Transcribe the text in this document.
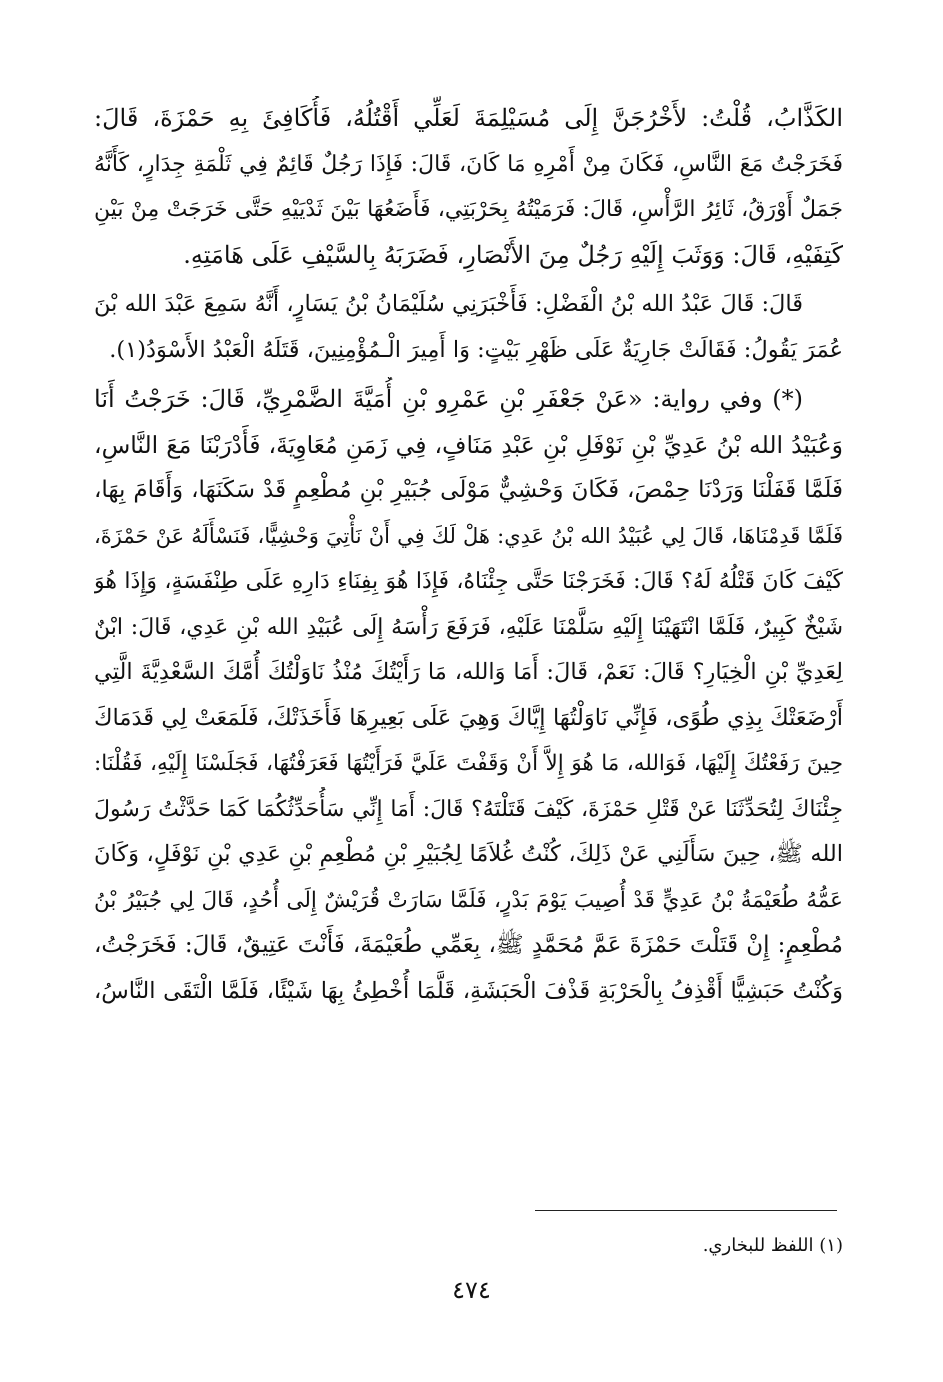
الكَذَّابُ، قُلْتُ: لأَخْرُجَنَّ إِلَى مُسَيْلِمَةَ لَعَلِّي أَقْتُلُهُ، فَأُكَافِئَ بِهِ حَمْزَةَ، قَالَ:
فَخَرَجْتُ مَعَ النَّاسِ، فَكَانَ مِنْ أَمْرِهِ مَا كَانَ، قَالَ: فَإِذَا رَجُلٌ قَائِمٌ فِي ثَلْمَةِ جِدَارٍ، كَأَنَّهُ
جَمَلٌ أَوْرَقُ، ثَائِرُ الرَّأْسِ، قَالَ: فَرَمَيْتُهُ بِحَرْبَتِي، فَأَضَعُهَا بَيْنَ ثَدْيَيْهِ حَتَّى خَرَجَتْ مِنْ بَيْنِ
كَتِفَيْهِ، قَالَ: وَوَثَبَ إِلَيْهِ رَجُلٌ مِنَ الأَنْصَارِ، فَضَرَبَهُ بِالسَّيْفِ عَلَى هَامَتِهِ.
قَالَ: قَالَ عَبْدُ الله بْنُ الْفَضْلِ: فَأَخْبَرَنِي سُلَيْمَانُ بْنُ يَسَارٍ، أَنَّهُ سَمِعَ عَبْدَ الله بْنَ
عُمَرَ يَقُولُ: فَقَالَتْ جَارِيَةٌ عَلَى ظَهْرِ بَيْتٍ: وَا أَمِيرَ الْـمُؤْمِنِينَ، قَتَلَهُ الْعَبْدُ الأَسْوَدُ(١).
(*) وفي رواية: «عَنْ جَعْفَرِ بْنِ عَمْرِو بْنِ أُمَيَّةَ الضَّمْرِيِّ، قَالَ: خَرَجْتُ أَنَا
وَعُبَيْدُ الله بْنُ عَدِيِّ بْنِ نَوْفَلِ بْنِ عَبْدِ مَنَافٍ، فِي زَمَنِ مُعَاوِيَةَ، فَأَدْرَبْنَا مَعَ النَّاسِ،
فَلَمَّا قَفَلْنَا وَرَدْنَا حِمْصَ، فَكَانَ وَحْشِيٌّ مَوْلَى جُبَيْرِ بْنِ مُطْعِمٍ قَدْ سَكَنَهَا، وَأَقَامَ بِهَا،
فَلَمَّا قَدِمْنَاهَا، قَالَ لِي عُبَيْدُ الله بْنُ عَدِي: هَلْ لَكَ فِي أَنْ نَأْتِيَ وَحْشِيًّا، فَنَسْأَلَهُ عَنْ حَمْزَةَ،
كَيْفَ كَانَ قَتْلُهُ لَهُ؟ قَالَ: فَخَرَجْنَا حَتَّى جِئْنَاهُ، فَإِذَا هُوَ بِفِنَاءِ دَارِهِ عَلَى طِنْفَسَةٍ، وَإِذَا هُوَ
شَيْخٌ كَبِيرٌ، فَلَمَّا انْتَهَيْنَا إِلَيْهِ سَلَّمْنَا عَلَيْهِ، فَرَفَعَ رَأْسَهُ إِلَى عُبَيْدِ الله بْنِ عَدِي، قَالَ: ابْنٌ
لِعَدِيِّ بْنِ الْخِيَارِ؟ قَالَ: نَعَمْ، قَالَ: أَمَا وَالله، مَا رَأَيْتُكَ مُنْذُ نَاوَلْتُكَ أُمَّكَ السَّعْدِيَّةَ الَّتِي
أَرْضَعَتْكَ بِذِي طُوًى، فَإِنِّي نَاوَلْتُهَا إِيَّاكَ وَهِيَ عَلَى بَعِيرِهَا فَأَخَذَتْكَ، فَلَمَعَتْ لِي قَدَمَاكَ
حِينَ رَفَعْتُكَ إِلَيْهَا، فَوَالله، مَا هُوَ إِلاَّ أَنْ وَقَفْتَ عَلَيَّ فَرَأَيْتُهَا فَعَرَفْتُهَا، فَجَلَسْنَا إِلَيْهِ، فَقُلْنَا:
جِئْنَاكَ لِتُحَدِّثَنَا عَنْ قَتْلِ حَمْزَةَ، كَيْفَ قَتَلْتَهُ؟ قَالَ: أَمَا إِنِّي سَأُحَدِّثُكُمَا كَمَا حَدَّثْتُ رَسُولَ
الله ﷺ، حِينَ سَأَلَنِي عَنْ ذَلِكَ، كُنْتُ غُلاَمًا لِجُبَيْرِ بْنِ مُطْعِمِ بْنِ عَدِي بْنِ نَوْفَلٍ، وَكَانَ
عَمُّهُ طُعَيْمَةُ بْنُ عَدِيٍّ قَدْ أُصِيبَ يَوْمَ بَدْرٍ، فَلَمَّا سَارَتْ قُرَيْشٌ إِلَى أُحُدٍ، قَالَ لِي جُبَيْرُ بْنُ
مُطْعِمٍ: إِنْ قَتَلْتَ حَمْزَةَ عَمَّ مُحَمَّدٍ ﷺ، بِعَمِّي طُعَيْمَةَ، فَأَنْتَ عَتِيقٌ، قَالَ: فَخَرَجْتُ،
وَكُنْتُ حَبَشِيًّا أَقْذِفُ بِالْحَرْبَةِ قَذْفَ الْحَبَشَةِ، قَلَّمَا أُخْطِئُ بِهَا شَيْئًا، فَلَمَّا الْتَقَى النَّاسُ،
(١) اللفظ للبخاري.
٤٧٤
